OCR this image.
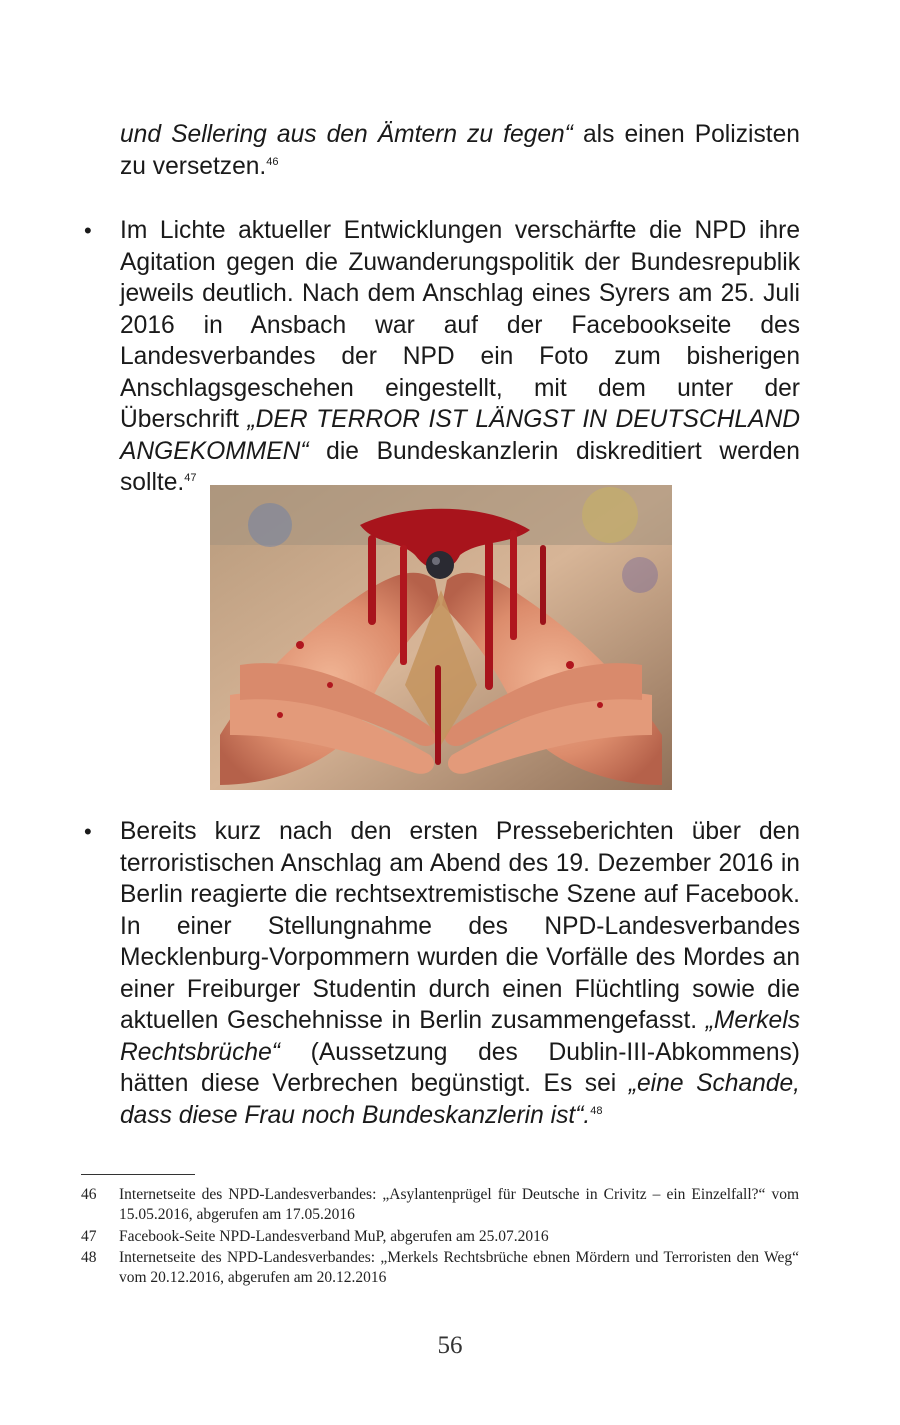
und Sellering aus den Ämtern zu fegen“ als einen Polizisten zu versetzen.$^{46}$

• Im Lichte aktueller Entwicklungen verschärfte die NPD ihre Agitation gegen die Zuwanderungspolitik der Bundesrepublik jeweils deutlich. Nach dem Anschlag eines Syrers am 25. Juli 2016 in Ansbach war auf der Facebookseite des Landesverbandes der NPD ein Foto zum bisherigen Anschlagsgeschehen eingestellt, mit dem unter der Überschrift „DER TERROR IST LÄNGST IN DEUTSCHLAND ANGEKOMMEN“ die Bundeskanzlerin diskreditiert werden sollte.$^{47}$

• Bereits kurz nach den ersten Presseberichten über den terroristischen Anschlag am Abend des 19. Dezember 2016 in Berlin reagierte die rechtsextremistische Szene auf Facebook. In einer Stellungnahme des NPD-Landesverbandes Mecklenburg-Vorpommern wurden die Vorfälle des Mordes an einer Freiburger Studentin durch einen Flüchtling sowie die aktuellen Geschehnisse in Berlin zusammengefasst. „Merkels Rechtsbrüche“ (Aussetzung des Dublin-III-Abkommens) hätten diese Verbrechen begünstigt. Es sei „eine Schande, dass diese Frau noch Bundeskanzlerin ist“.$^{48}$

46 Internetseite des NPD-Landesverbandes: „Asylantenprügel für Deutsche in Crivitz – ein Einzelfall?“ vom 15.05.2016, abgerufen am 17.05.2016
47 Facebook-Seite NPD-Landesverband MuP, abgerufen am 25.07.2016
48 Internetseite des NPD-Landesverbandes: „Merkels Rechtsbrüche ebnen Mördern und Terroristen den Weg“ vom 20.12.2016, abgerufen am 20.12.2016
56
